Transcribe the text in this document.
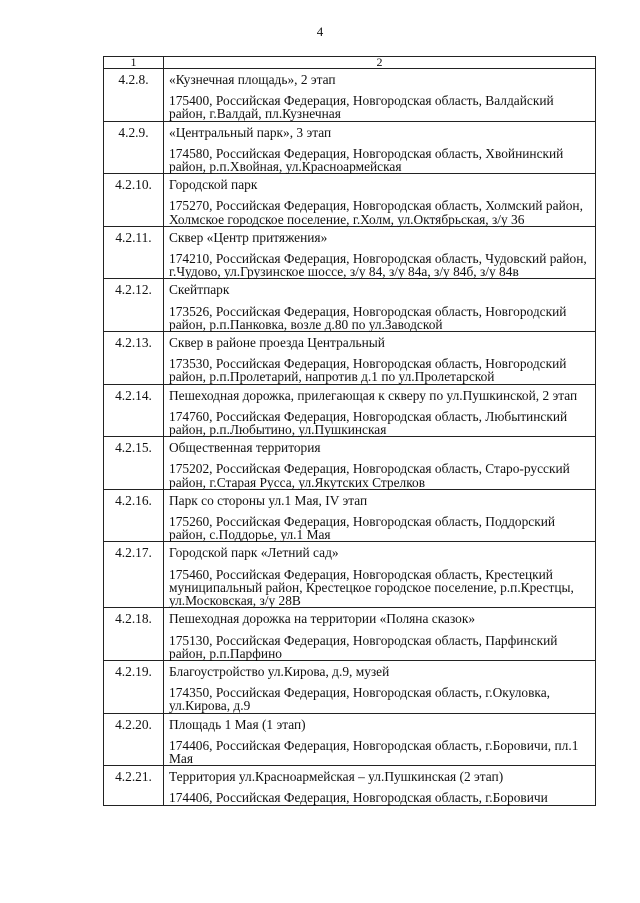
4
1	2
4.2.8.	«Кузнечная площадь», 2 этап
175400, Российская Федерация, Новгородская область, Валдайский район, г.Валдай, пл.Кузнечная

4.2.9.	«Центральный парк», 3 этап
174580, Российская Федерация, Новгородская область, Хвойнинский район, р.п.Хвойная, ул.Красноармейская

4.2.10.	Городской парк
175270, Российская Федерация, Новгородская область, Холмский район, Холмское городское поселение, г.Холм, ул.Октябрьская, з/у 36

4.2.11.	Сквер «Центр притяжения»
174210, Российская Федерация, Новгородская область, Чудовский район, г.Чудово, ул.Грузинское шоссе, з/у 84, з/у 84а, з/у 84б, з/у 84в

4.2.12.	Скейтпарк
173526, Российская Федерация, Новгородская область, Новгородский район, р.п.Панковка, возле д.80 по ул.Заводской

4.2.13.	Сквер в районе проезда Центральный
173530, Российская Федерация, Новгородская область, Новгородский район, р.п.Пролетарий, напротив д.1 по ул.Пролетарской

4.2.14.	Пешеходная дорожка, прилегающая к скверу по ул.Пушкинской, 2 этап
174760, Российская Федерация, Новгородская область, Любытинский район, р.п.Любытино, ул.Пушкинская

4.2.15.	Общественная территория
175202, Российская Федерация, Новгородская область, Старо-русский район, г.Старая Русса, ул.Якутских Стрелков

4.2.16.	Парк со стороны ул.1 Мая, IV этап
175260, Российская Федерация, Новгородская область, Поддорский район, с.Поддорье, ул.1 Мая

4.2.17.	Городской парк «Летний сад»
175460, Российская Федерация, Новгородская область, Крестецкий муниципальный район, Крестецкое городское поселение, р.п.Крестцы, ул.Московская, з/у 28В

4.2.18.	Пешеходная дорожка на территории «Поляна сказок»
175130, Российская Федерация, Новгородская область, Парфинский район, р.п.Парфино

4.2.19.	Благоустройство ул.Кирова, д.9, музей
174350, Российская Федерация, Новгородская область, г.Окуловка, ул.Кирова, д.9

4.2.20.	Площадь 1 Мая (1 этап)
174406, Российская Федерация, Новгородская область, г.Боровичи, пл.1 Мая

4.2.21.	Территория ул.Красноармейская – ул.Пушкинская (2 этап)
174406, Российская Федерация, Новгородская область, г.Боровичи
